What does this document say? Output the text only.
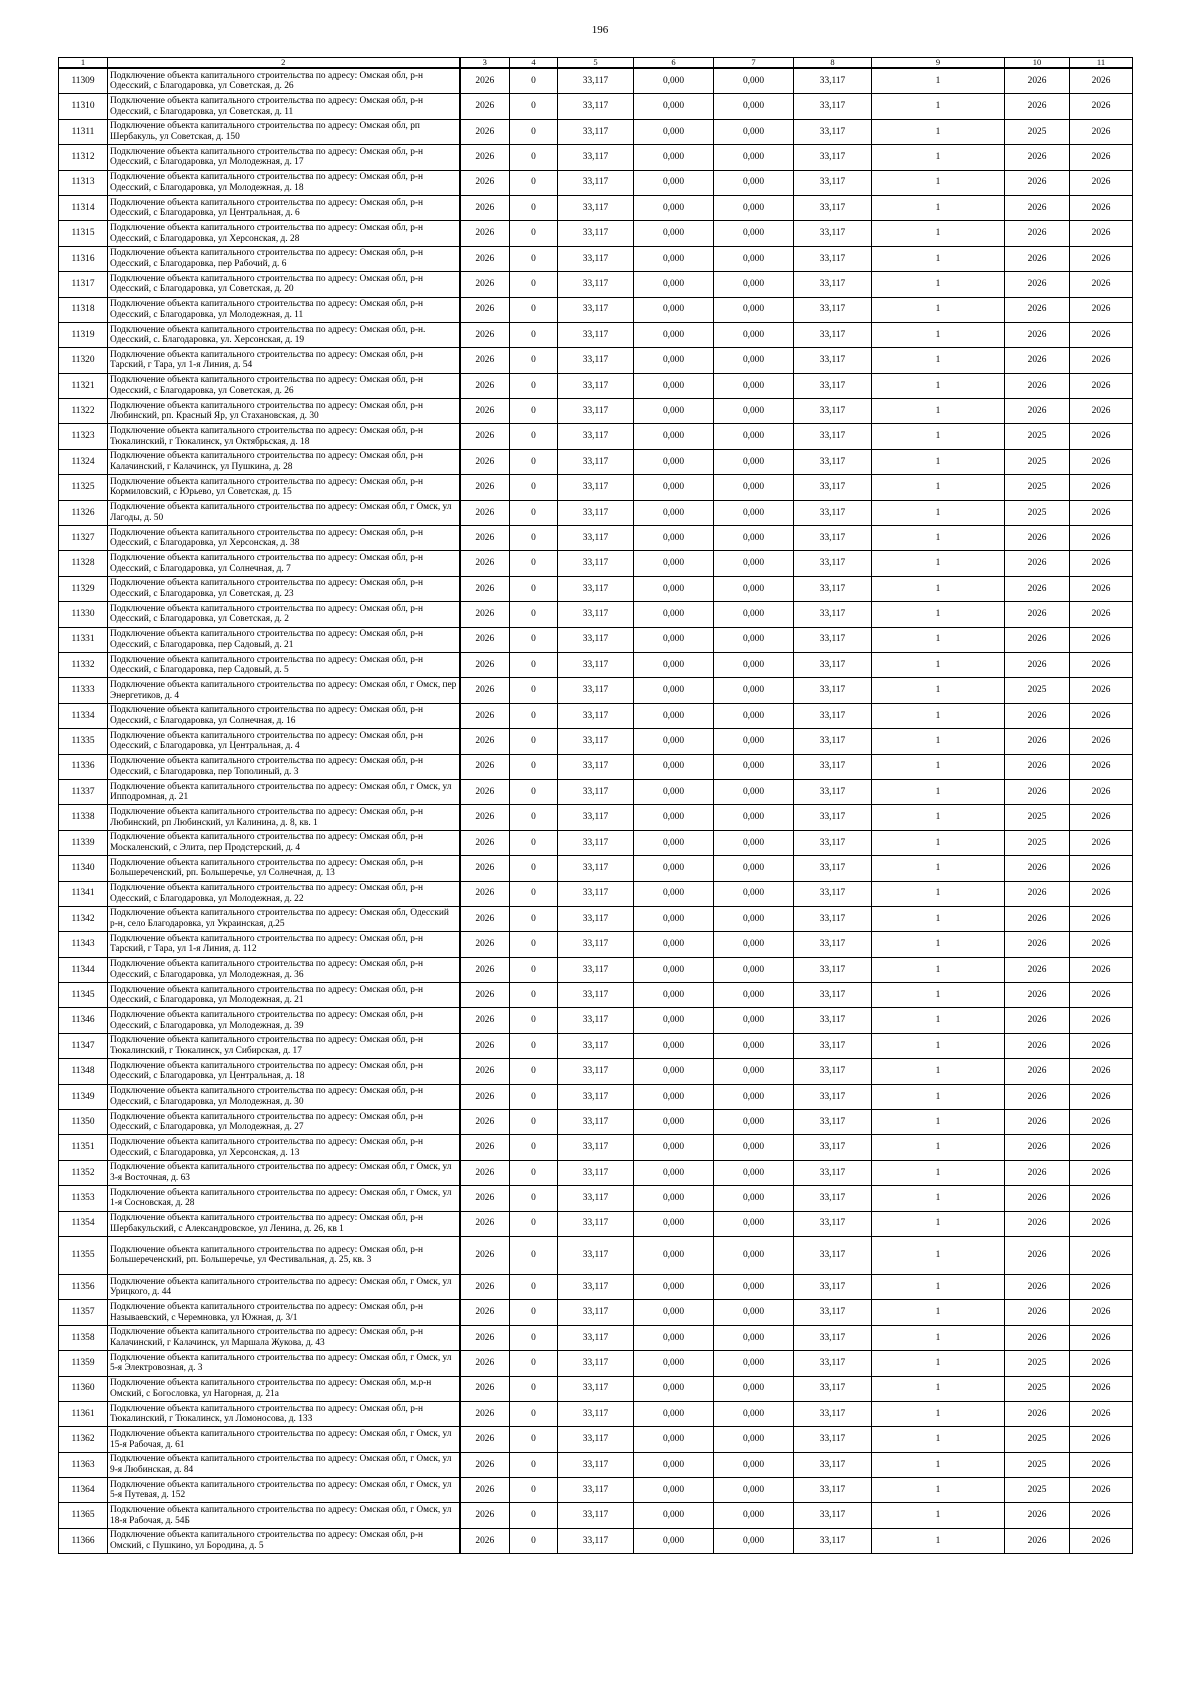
196
1	2	3	4	5	6	7	8	9	10	11
11309	Подключение объекта капитального строительства по адресу: Омская обл, р-н Одесский, с Благодаровка, ул Советская, д. 26	2026	0	33,117	0,000	0,000	33,117	1	2026	2026
11310	Подключение объекта капитального строительства по адресу: Омская обл, р-н Одесский, с Благодаровка, ул Советская, д. 11	2026	0	33,117	0,000	0,000	33,117	1	2026	2026
11311	Подключение объекта капитального строительства по адресу: Омская обл, рп Шербакуль, ул Советская, д. 150	2026	0	33,117	0,000	0,000	33,117	1	2025	2026
11312	Подключение объекта капитального строительства по адресу: Омская обл, р-н Одесский, с Благодаровка, ул Молодежная, д. 17	2026	0	33,117	0,000	0,000	33,117	1	2026	2026
11313	Подключение объекта капитального строительства по адресу: Омская обл, р-н Одесский, с Благодаровка, ул Молодежная, д. 18	2026	0	33,117	0,000	0,000	33,117	1	2026	2026
11314	Подключение объекта капитального строительства по адресу: Омская обл, р-н Одесский, с Благодаровка, ул Центральная, д. 6	2026	0	33,117	0,000	0,000	33,117	1	2026	2026
11315	Подключение объекта капитального строительства по адресу: Омская обл, р-н Одесский, с Благодаровка, ул Херсонская, д. 28	2026	0	33,117	0,000	0,000	33,117	1	2026	2026
11316	Подключение объекта капитального строительства по адресу: Омская обл, р-н Одесский, с Благодаровка, пер Рабочий, д. 6	2026	0	33,117	0,000	0,000	33,117	1	2026	2026
11317	Подключение объекта капитального строительства по адресу: Омская обл, р-н Одесский, с Благодаровка, ул Советская, д. 20	2026	0	33,117	0,000	0,000	33,117	1	2026	2026
11318	Подключение объекта капитального строительства по адресу: Омская обл, р-н Одесский, с Благодаровка, ул Молодежная, д. 11	2026	0	33,117	0,000	0,000	33,117	1	2026	2026
11319	Подключение объекта капитального строительства по адресу: Омская обл, р-н. Одесский, с. Благодаровка, ул. Херсонская, д. 19	2026	0	33,117	0,000	0,000	33,117	1	2026	2026
11320	Подключение объекта капитального строительства по адресу: Омская обл, р-н Тарский, г Тара, ул 1-я Линия, д. 54	2026	0	33,117	0,000	0,000	33,117	1	2026	2026
11321	Подключение объекта капитального строительства по адресу: Омская обл, р-н Одесский, с Благодаровка, ул Советская, д. 26	2026	0	33,117	0,000	0,000	33,117	1	2026	2026
11322	Подключение объекта капитального строительства по адресу: Омская обл, р-н Любинский, рп. Красный Яр, ул Стахановская, д. 30	2026	0	33,117	0,000	0,000	33,117	1	2026	2026
11323	Подключение объекта капитального строительства по адресу: Омская обл, р-н Тюкалинский, г Тюкалинск, ул Октябрьская, д. 18	2026	0	33,117	0,000	0,000	33,117	1	2025	2026
11324	Подключение объекта капитального строительства по адресу: Омская обл, р-н Калачинский, г Калачинск, ул Пушкина, д. 28	2026	0	33,117	0,000	0,000	33,117	1	2025	2026
11325	Подключение объекта капитального строительства по адресу: Омская обл, р-н Кормиловский, с Юрьево, ул Советская, д. 15	2026	0	33,117	0,000	0,000	33,117	1	2025	2026
11326	Подключение объекта капитального строительства по адресу: Омская обл, г Омск, ул Лагоды, д. 50	2026	0	33,117	0,000	0,000	33,117	1	2025	2026
11327	Подключение объекта капитального строительства по адресу: Омская обл, р-н Одесский, с Благодаровка, ул Херсонская, д. 38	2026	0	33,117	0,000	0,000	33,117	1	2026	2026
11328	Подключение объекта капитального строительства по адресу: Омская обл, р-н Одесский, с Благодаровка, ул Солнечная, д. 7	2026	0	33,117	0,000	0,000	33,117	1	2026	2026
11329	Подключение объекта капитального строительства по адресу: Омская обл, р-н Одесский, с Благодаровка, ул Советская, д. 23	2026	0	33,117	0,000	0,000	33,117	1	2026	2026
11330	Подключение объекта капитального строительства по адресу: Омская обл, р-н Одесский, с Благодаровка, ул Советская, д. 2	2026	0	33,117	0,000	0,000	33,117	1	2026	2026
11331	Подключение объекта капитального строительства по адресу: Омская обл, р-н Одесский, с Благодаровка, пер Садовый, д. 21	2026	0	33,117	0,000	0,000	33,117	1	2026	2026
11332	Подключение объекта капитального строительства по адресу: Омская обл, р-н Одесский, с Благодаровка, пер Садовый, д. 5	2026	0	33,117	0,000	0,000	33,117	1	2026	2026
11333	Подключение объекта капитального строительства по адресу: Омская обл, г Омск, пер Энергетиков, д. 4	2026	0	33,117	0,000	0,000	33,117	1	2025	2026
11334	Подключение объекта капитального строительства по адресу: Омская обл, р-н Одесский, с Благодаровка, ул Солнечная, д. 16	2026	0	33,117	0,000	0,000	33,117	1	2026	2026
11335	Подключение объекта капитального строительства по адресу: Омская обл, р-н Одесский, с Благодаровка, ул Центральная, д. 4	2026	0	33,117	0,000	0,000	33,117	1	2026	2026
11336	Подключение объекта капитального строительства по адресу: Омская обл, р-н Одесский, с Благодаровка, пер Тополиный, д. 3	2026	0	33,117	0,000	0,000	33,117	1	2026	2026
11337	Подключение объекта капитального строительства по адресу: Омская обл, г Омск, ул Ипподромная, д. 21	2026	0	33,117	0,000	0,000	33,117	1	2026	2026
11338	Подключение объекта капитального строительства по адресу: Омская обл, р-н Любинский, рп Любинский, ул Калинина, д. 8, кв. 1	2026	0	33,117	0,000	0,000	33,117	1	2025	2026
11339	Подключение объекта капитального строительства по адресу: Омская обл, р-н Москаленский, с Элита, пер Продстерский, д. 4	2026	0	33,117	0,000	0,000	33,117	1	2025	2026
11340	Подключение объекта капитального строительства по адресу: Омская обл, р-н Большереченский, рп. Большеречье, ул Солнечная, д. 13	2026	0	33,117	0,000	0,000	33,117	1	2026	2026
11341	Подключение объекта капитального строительства по адресу: Омская обл, р-н Одесский, с Благодаровка, ул Молодежная, д. 22	2026	0	33,117	0,000	0,000	33,117	1	2026	2026
11342	Подключение объекта капитального строительства по адресу: Омская обл, Одесский р-н, село Благодаровка, ул Украинская, д.25	2026	0	33,117	0,000	0,000	33,117	1	2026	2026
11343	Подключение объекта капитального строительства по адресу: Омская обл, р-н Тарский, г Тара, ул 1-я Линия, д. 112	2026	0	33,117	0,000	0,000	33,117	1	2026	2026
11344	Подключение объекта капитального строительства по адресу: Омская обл, р-н Одесский, с Благодаровка, ул Молодежная, д. 36	2026	0	33,117	0,000	0,000	33,117	1	2026	2026
11345	Подключение объекта капитального строительства по адресу: Омская обл, р-н Одесский, с Благодаровка, ул Молодежная, д. 21	2026	0	33,117	0,000	0,000	33,117	1	2026	2026
11346	Подключение объекта капитального строительства по адресу: Омская обл, р-н Одесский, с Благодаровка, ул Молодежная, д. 39	2026	0	33,117	0,000	0,000	33,117	1	2026	2026
11347	Подключение объекта капитального строительства по адресу: Омская обл, р-н Тюкалинский, г Тюкалинск, ул Сибирская, д. 17	2026	0	33,117	0,000	0,000	33,117	1	2026	2026
11348	Подключение объекта капитального строительства по адресу: Омская обл, р-н Одесский, с Благодаровка, ул Центральная, д. 18	2026	0	33,117	0,000	0,000	33,117	1	2026	2026
11349	Подключение объекта капитального строительства по адресу: Омская обл, р-н Одесский, с Благодаровка, ул Молодежная, д. 30	2026	0	33,117	0,000	0,000	33,117	1	2026	2026
11350	Подключение объекта капитального строительства по адресу: Омская обл, р-н Одесский, с Благодаровка, ул Молодежная, д. 27	2026	0	33,117	0,000	0,000	33,117	1	2026	2026
11351	Подключение объекта капитального строительства по адресу: Омская обл, р-н Одесский, с Благодаровка, ул Херсонская, д. 13	2026	0	33,117	0,000	0,000	33,117	1	2026	2026
11352	Подключение объекта капитального строительства по адресу: Омская обл, г Омск, ул 3-я Восточная, д. 63	2026	0	33,117	0,000	0,000	33,117	1	2026	2026
11353	Подключение объекта капитального строительства по адресу: Омская обл, г Омск, ул 1-я Сосновская, д. 28	2026	0	33,117	0,000	0,000	33,117	1	2026	2026
11354	Подключение объекта капитального строительства по адресу: Омская обл, р-н Шербакульский, с Александровское, ул Ленина, д. 26, кв 1	2026	0	33,117	0,000	0,000	33,117	1	2026	2026
11355	Подключение объекта капитального строительства по адресу: Омская обл, р-н Большереченский, рп. Большеречье, ул Фестивальная, д. 25, кв. 3	2026	0	33,117	0,000	0,000	33,117	1	2026	2026
11356	Подключение объекта капитального строительства по адресу: Омская обл, г Омск, ул Урицкого, д. 44	2026	0	33,117	0,000	0,000	33,117	1	2026	2026
11357	Подключение объекта капитального строительства по адресу: Омская обл, р-н Называевский, с Черемновка, ул Южная, д. 3/1	2026	0	33,117	0,000	0,000	33,117	1	2026	2026
11358	Подключение объекта капитального строительства по адресу: Омская обл, р-н Калачинский, г Калачинск, ул Маршала Жукова, д. 43	2026	0	33,117	0,000	0,000	33,117	1	2026	2026
11359	Подключение объекта капитального строительства по адресу: Омская обл, г Омск, ул 5-я Электровозная, д. 3	2026	0	33,117	0,000	0,000	33,117	1	2025	2026
11360	Подключение объекта капитального строительства по адресу: Омская обл, м.р-н Омский, с Богословка, ул Нагорная, д. 21а	2026	0	33,117	0,000	0,000	33,117	1	2025	2026
11361	Подключение объекта капитального строительства по адресу: Омская обл, р-н Тюкалинский, г Тюкалинск, ул Ломоносова, д. 133	2026	0	33,117	0,000	0,000	33,117	1	2026	2026
11362	Подключение объекта капитального строительства по адресу: Омская обл, г Омск, ул 15-я Рабочая, д. 61	2026	0	33,117	0,000	0,000	33,117	1	2025	2026
11363	Подключение объекта капитального строительства по адресу: Омская обл, г Омск, ул 9-я Любинская, д. 84	2026	0	33,117	0,000	0,000	33,117	1	2025	2026
11364	Подключение объекта капитального строительства по адресу: Омская обл, г Омск, ул 5-я Путевая, д. 152	2026	0	33,117	0,000	0,000	33,117	1	2025	2026
11365	Подключение объекта капитального строительства по адресу: Омская обл, г Омск, ул 18-я Рабочая, д. 54Б	2026	0	33,117	0,000	0,000	33,117	1	2026	2026
11366	Подключение объекта капитального строительства по адресу: Омская обл, р-н Омский, с Пушкино, ул Бородина, д. 5	2026	0	33,117	0,000	0,000	33,117	1	2026	2026
